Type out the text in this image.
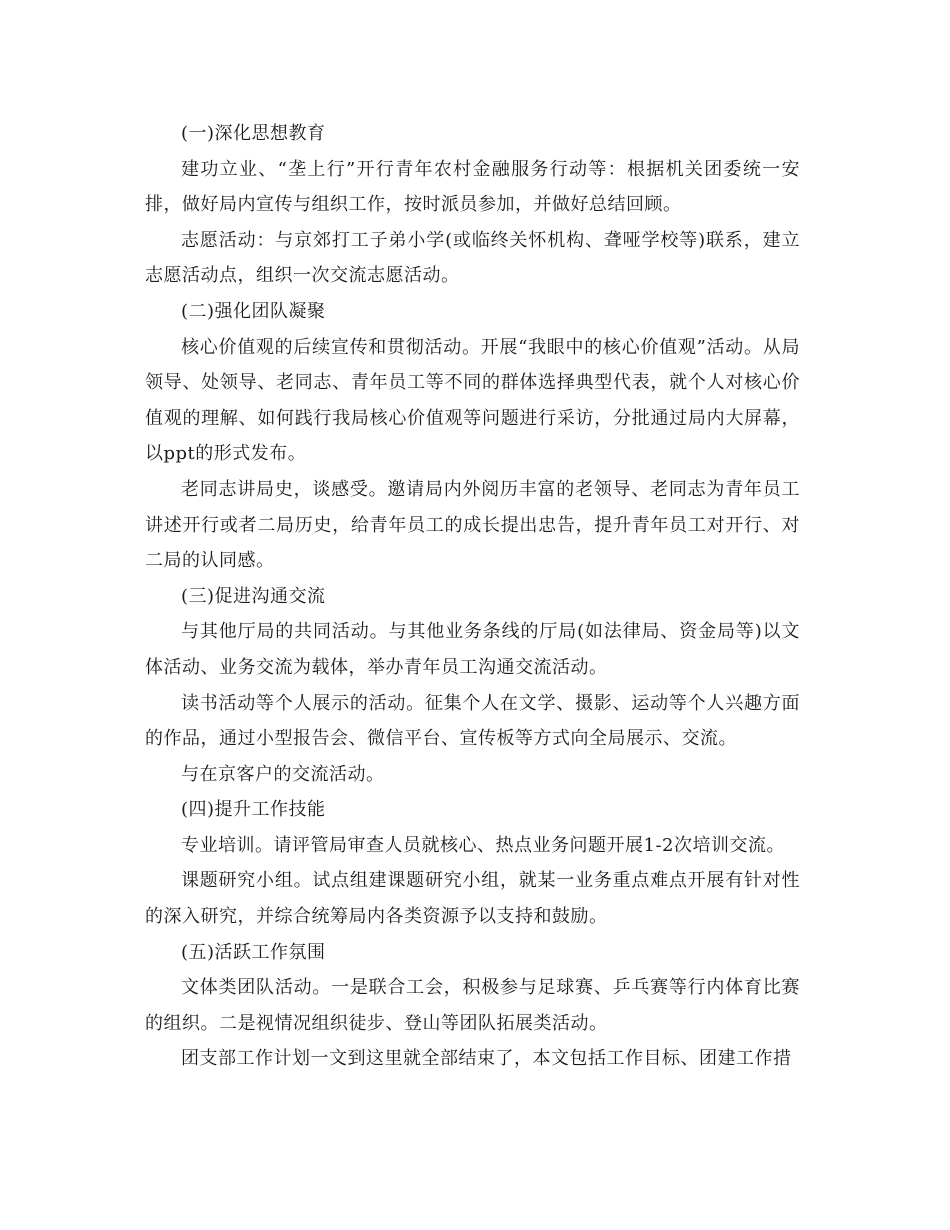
(一)深化思想教育

建功立业、“垄上行”开行青年农村金融服务行动等：根据机关团委统一安排，做好局内宣传与组织工作，按时派员参加，并做好总结回顾。

志愿活动：与京郊打工子弟小学(或临终关怀机构、聋哑学校等)联系，建立志愿活动点，组织一次交流志愿活动。

(二)强化团队凝聚

核心价值观的后续宣传和贯彻活动。开展“我眼中的核心价值观”活动。从局领导、处领导、老同志、青年员工等不同的群体选择典型代表，就个人对核心价值观的理解、如何践行我局核心价值观等问题进行采访，分批通过局内大屏幕，以ppt的形式发布。

老同志讲局史，谈感受。邀请局内外阅历丰富的老领导、老同志为青年员工讲述开行或者二局历史，给青年员工的成长提出忠告，提升青年员工对开行、对二局的认同感。

(三)促进沟通交流

与其他厅局的共同活动。与其他业务条线的厅局(如法律局、资金局等)以文体活动、业务交流为载体，举办青年员工沟通交流活动。

读书活动等个人展示的活动。征集个人在文学、摄影、运动等个人兴趣方面的作品，通过小型报告会、微信平台、宣传板等方式向全局展示、交流。

与在京客户的交流活动。

(四)提升工作技能

专业培训。请评管局审查人员就核心、热点业务问题开展1-2次培训交流。

课题研究小组。试点组建课题研究小组，就某一业务重点难点开展有针对性的深入研究，并综合统筹局内各类资源予以支持和鼓励。

(五)活跃工作氛围

文体类团队活动。一是联合工会，积极参与足球赛、乒乓赛等行内体育比赛的组织。二是视情况组织徒步、登山等团队拓展类活动。

团支部工作计划一文到这里就全部结束了，本文包括工作目标、团建工作措
